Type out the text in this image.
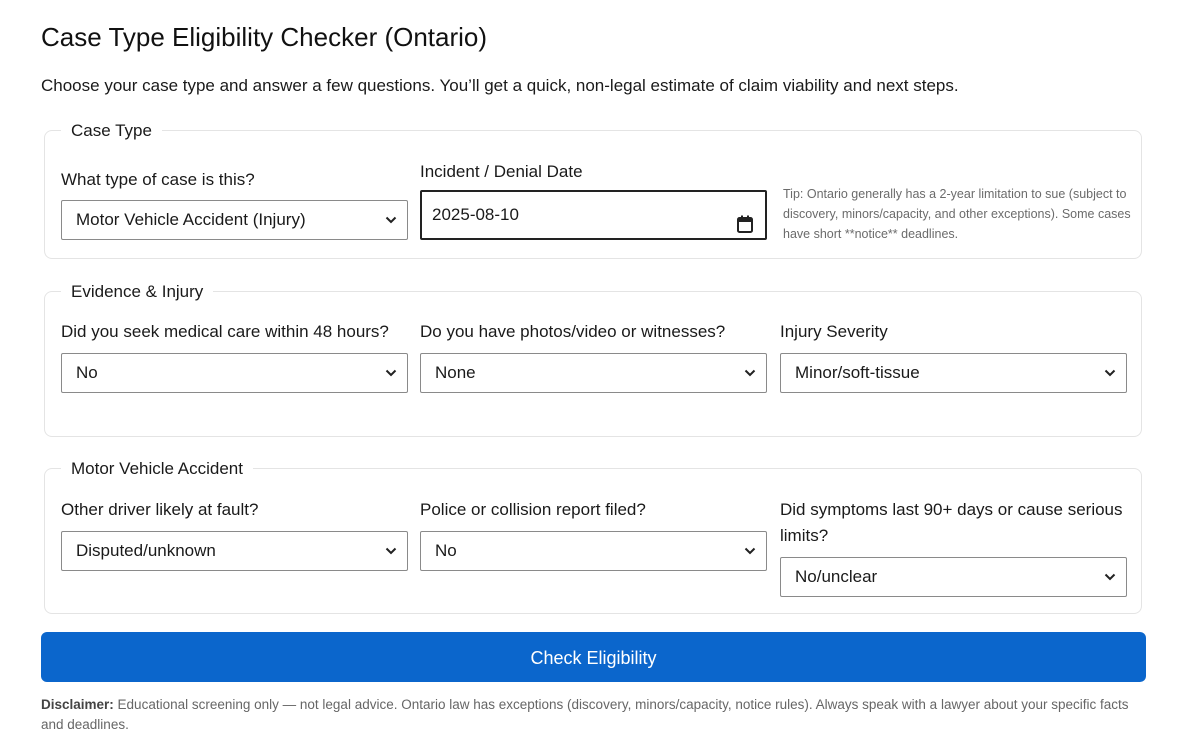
Case Type Eligibility Checker (Ontario)

Choose your case type and answer a few questions. You’ll get a quick, non-legal estimate of claim viability and next steps.

Case Type
What type of case is this?
Motor Vehicle Accident (Injury)
Incident / Denial Date
2025-08-10
Tip: Ontario generally has a 2-year limitation to sue (subject to discovery, minors/capacity, and other exceptions). Some cases have short **notice** deadlines.
Evidence & Injury
Did you seek medical care within 48 hours?
No
Do you have photos/video or witnesses?
None
Injury Severity
Minor/soft-tissue
Motor Vehicle Accident
Other driver likely at fault?
Disputed/unknown
Police or collision report filed?
No
Did symptoms last 90+ days or cause serious limits?
No/unclear
Check Eligibility

Disclaimer: Educational screening only — not legal advice. Ontario law has exceptions (discovery, minors/capacity, notice rules). Always speak with a lawyer about your specific facts and deadlines.
